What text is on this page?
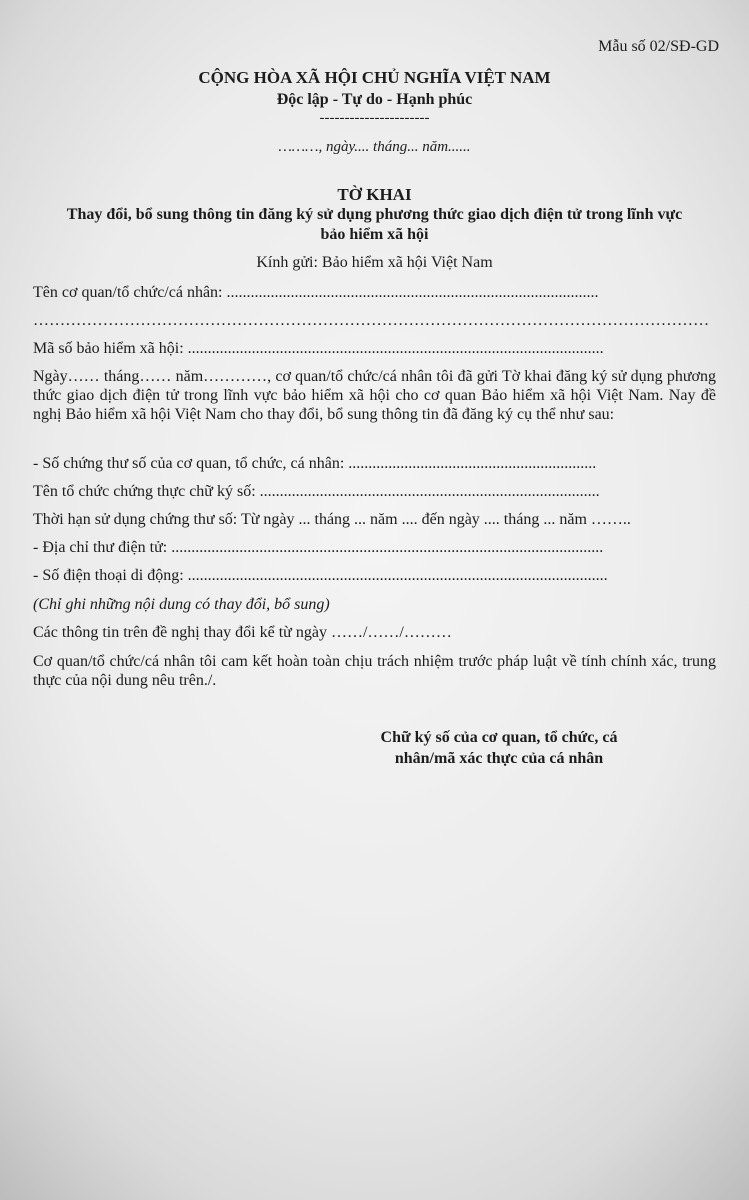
Mẫu số 02/SĐ-GD
CỘNG HÒA XÃ HỘI CHỦ NGHĨA VIỆT NAM
Độc lập - Tự do - Hạnh phúc
----------------------
………, ngày.... tháng... năm......
TỜ KHAI
Thay đổi, bổ sung thông tin đăng ký sử dụng phương thức giao dịch điện tử trong lĩnh vực
bảo hiểm xã hội
Kính gửi: Bảo hiểm xã hội Việt Nam
Tên cơ quan/tổ chức/cá nhân: .............................................................................................
………………………………………………………………………………………………………………
Mã số bảo hiểm xã hội: ........................................................................................................
Ngày…… tháng…… năm…………, cơ quan/tổ chức/cá nhân tôi đã gửi Tờ khai đăng ký sử dụng phương thức giao dịch điện tử trong lĩnh vực bảo hiểm xã hội cho cơ quan Bảo hiểm xã hội Việt Nam. Nay đề nghị Bảo hiểm xã hội Việt Nam cho thay đổi, bổ sung thông tin đã đăng ký cụ thể như sau:
- Số chứng thư số của cơ quan, tổ chức, cá nhân: ..............................................................
Tên tổ chức chứng thực chữ ký số: .....................................................................................
Thời hạn sử dụng chứng thư số: Từ ngày ... tháng ... năm .... đến ngày .... tháng ... năm ……..
- Địa chỉ thư điện tử: ............................................................................................................
- Số điện thoại di động: .........................................................................................................
(Chỉ ghi những nội dung có thay đổi, bổ sung)
Các thông tin trên đề nghị thay đổi kể từ ngày ……/……/………
Cơ quan/tổ chức/cá nhân tôi cam kết hoàn toàn chịu trách nhiệm trước pháp luật về tính chính xác, trung thực của nội dung nêu trên./.
Chữ ký số của cơ quan, tổ chức, cá
nhân/mã xác thực của cá nhân
